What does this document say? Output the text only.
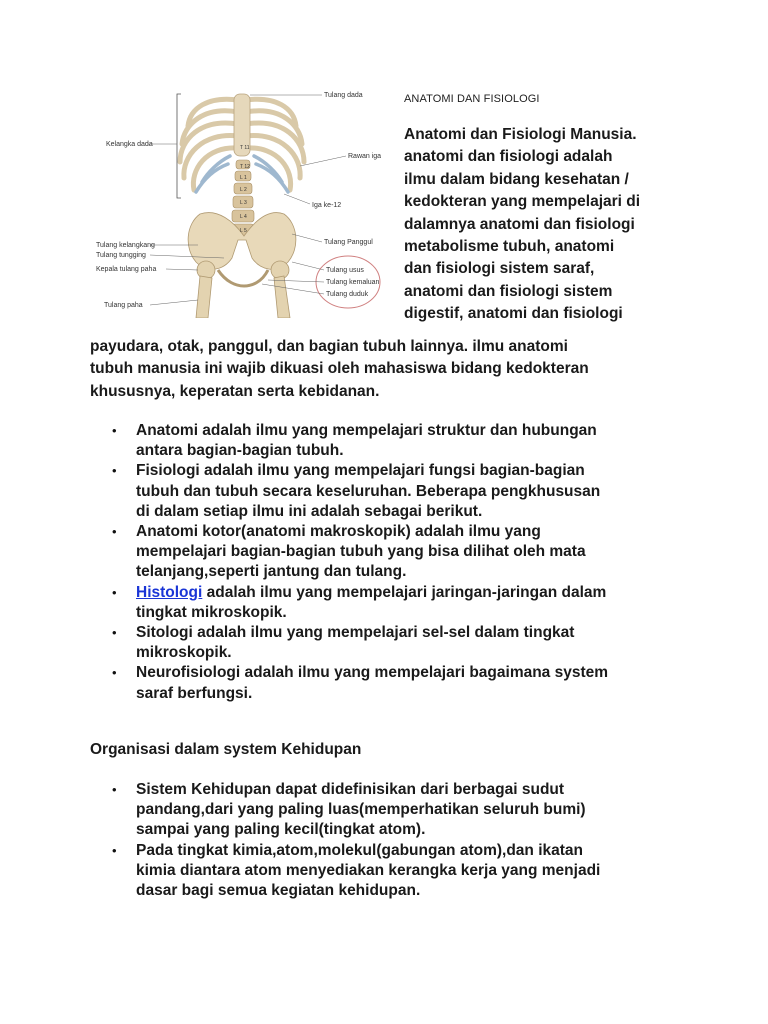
Tulang dada
Kelangka dada
Rawan iga
Iga ke-12
T 11
T 12
L 1
L 2
L 3
L 4
L 5
Tulang Panggul
Tulang kelangkang
Tulang tungging
Kepala tulang paha
Tulang paha
Tulang usus
Tulang kemaluan
Tulang duduk
ANATOMI DAN FISIOLOGI
Anatomi dan Fisiologi Manusia.
anatomi dan fisiologi adalah
ilmu dalam bidang kesehatan /
kedokteran yang mempelajari di
dalamnya anatomi dan fisiologi
metabolisme tubuh, anatomi
dan fisiologi sistem saraf,
anatomi dan fisiologi sistem
digestif, anatomi dan fisiologi
payudara, otak, panggul, dan bagian tubuh lainnya. ilmu anatomi
tubuh manusia ini wajib dikuasi oleh mahasiswa bidang kedokteran
khususnya, keperatan serta kebidanan.
• Anatomi adalah ilmu yang mempelajari struktur dan hubungan
antara bagian-bagian tubuh.
• Fisiologi adalah ilmu yang mempelajari fungsi bagian-bagian
tubuh dan tubuh secara keseluruhan. Beberapa pengkhususan
di dalam setiap ilmu ini adalah sebagai berikut.
• Anatomi kotor(anatomi makroskopik) adalah ilmu yang
mempelajari bagian-bagian tubuh yang bisa dilihat oleh mata
telanjang,seperti jantung dan tulang.
• Histologi adalah ilmu yang mempelajari jaringan-jaringan dalam
tingkat mikroskopik.
• Sitologi adalah ilmu yang mempelajari sel-sel dalam tingkat
mikroskopik.
• Neurofisiologi adalah ilmu yang mempelajari bagaimana system
saraf berfungsi.
Organisasi dalam system Kehidupan
• Sistem Kehidupan dapat didefinisikan dari berbagai sudut
pandang,dari yang paling luas(memperhatikan seluruh bumi)
sampai yang paling kecil(tingkat atom).
• Pada tingkat kimia,atom,molekul(gabungan atom),dan ikatan
kimia diantara atom menyediakan kerangka kerja yang menjadi
dasar bagi semua kegiatan kehidupan.
